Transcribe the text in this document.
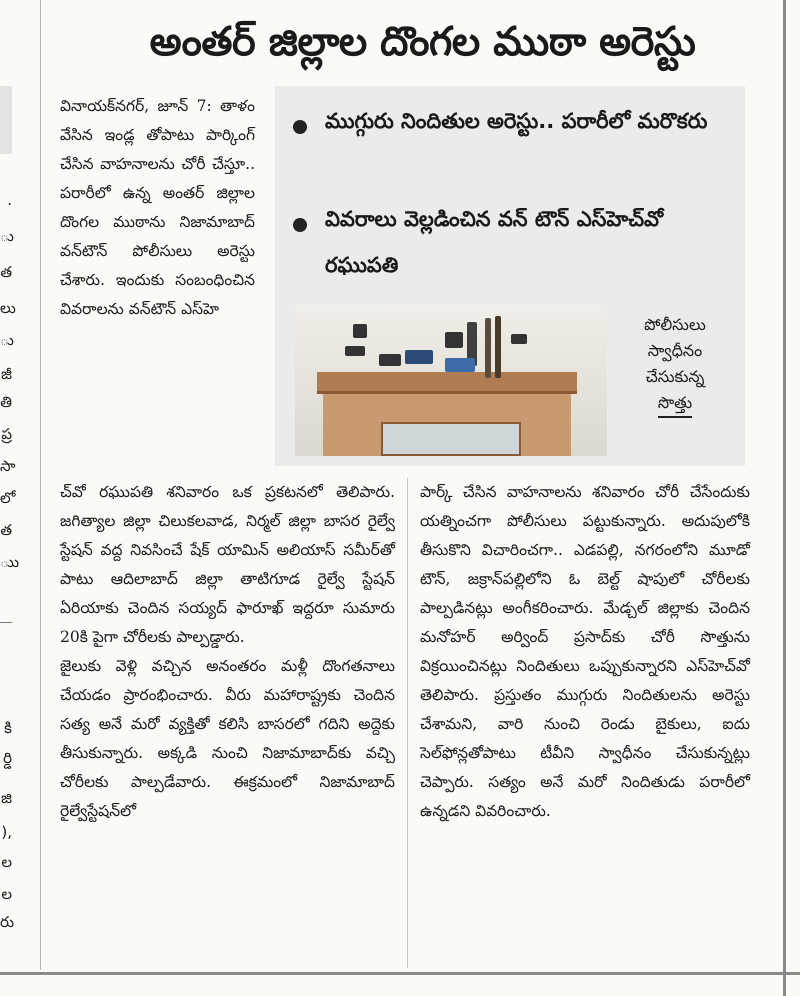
.
ు
త
లు
ు
జీ
తి
ప్ర
సా
లో
త
ుు
కి
ర్డి
జి
),
ల
ల
రు
అంతర్ జిల్లాల దొంగల ముఠా అరెస్టు

వినాయక్‌నగర్, జూన్ 7: తాళం వేసిన ఇండ్ల తోపాటు పార్కింగ్ చేసిన వాహనాలను చోరీ చేస్తూ.. పరారీలో ఉన్న అంతర్ జిల్లాల దొంగల ముఠాను నిజామాబాద్ వన్‌టౌన్ పోలీసులు అరెస్టు చేశారు. ఇందుకు సంబంధించిన వివరాలను వన్‌టౌన్ ఎస్‌హె

ముగ్గురు నిందితుల అరెస్టు.. పరారీలో మరొకరు
వివరాలు వెల్లడించిన వన్ టౌన్ ఎస్‌హెచ్‌వో రఘుపతి
పోలీసులు
స్వాధీనం
చేసుకున్న
సొత్తు

చ్‌వో రఘుపతి శనివారం ఒక ప్రకటనలో తెలిపారు. జగిత్యాల జిల్లా చిలుకలవాడ, నిర్మల్ జిల్లా బాసర రైల్వే స్టేషన్ వద్ద నివసించే షేక్ యామిన్ అలియాస్ సమీర్‌తో పాటు ఆదిలాబాద్ జిల్లా తాటిగూడ రైల్వే స్టేషన్ ఏరియాకు చెందిన సయ్యద్ ఫారూఖ్ ఇద్దరూ సుమారు 20కి పైగా చోరీలకు పాల్పడ్డారు.

జైలుకు వెళ్లి వచ్చిన అనంతరం మళ్లీ దొంగతనాలు చేయడం ప్రారంభించారు. వీరు మహారాష్ట్రకు చెందిన సత్య అనే మరో వ్యక్తితో కలిసి బాసరలో గదిని అద్దెకు తీసుకున్నారు. అక్కడి నుంచి నిజామాబాద్‌కు వచ్చి చోరీలకు పాల్పడేవారు. ఈక్రమంలో నిజామాబాద్ రైల్వేస్టేషన్‌లో

పార్క్ చేసిన వాహనాలను శనివారం చోరీ చేసేందుకు యత్నించగా పోలీసులు పట్టుకున్నారు. అదుపులోకి తీసుకొని విచారించగా.. ఎడపల్లి, నగరంలోని మూడో టౌన్, జక్రాన్‌పల్లిలోని ఓ బెల్ట్ షాపులో చోరీలకు పాల్పడినట్లు అంగీకరించారు. మేడ్చల్ జిల్లాకు చెందిన మనోహర్ అర్వింద్ ప్రసాద్‌కు చోరీ సొత్తును విక్రయించినట్లు నిందితులు ఒప్పుకున్నారని ఎస్‌హెచ్‌వో తెలిపారు. ప్రస్తుతం ముగ్గురు నిందితులను అరెస్టు చేశామని, వారి నుంచి రెండు బైకులు, ఐదు సెల్‌ఫోన్లతోపాటు టీవీని స్వాధీనం చేసుకున్నట్లు చెప్పారు. సత్యం అనే మరో నిందితుడు పరారీలో ఉన్నడని వివరించారు.
